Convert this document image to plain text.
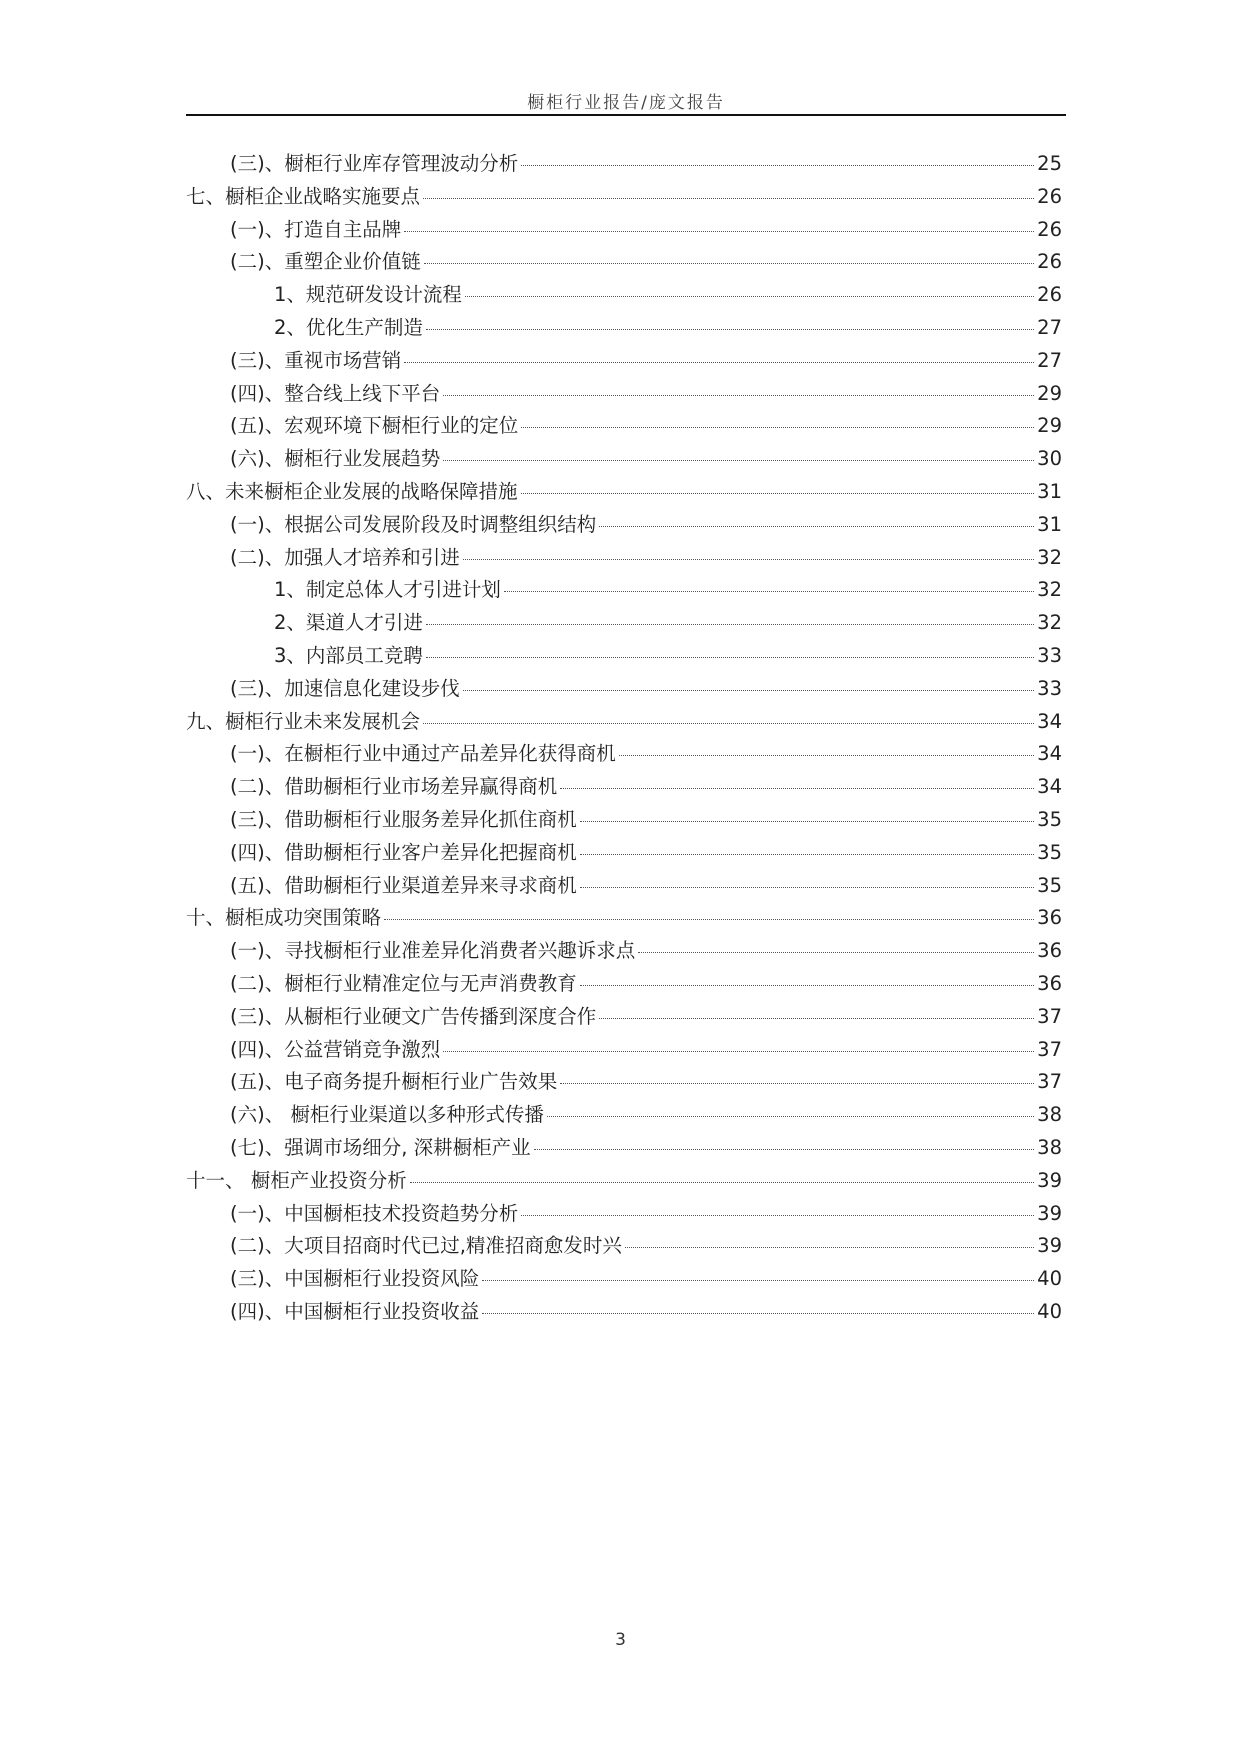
橱柜行业报告/庞文报告
(三)、橱柜行业库存管理波动分析	25
七、橱柜企业战略实施要点	26
(一)、打造自主品牌	26
(二)、重塑企业价值链	26
1、规范研发设计流程	26
2、优化生产制造	27
(三)、重视市场营销	27
(四)、整合线上线下平台	29
(五)、宏观环境下橱柜行业的定位	29
(六)、橱柜行业发展趋势	30
八、未来橱柜企业发展的战略保障措施	31
(一)、根据公司发展阶段及时调整组织结构	31
(二)、加强人才培养和引进	32
1、制定总体人才引进计划	32
2、渠道人才引进	32
3、内部员工竞聘	33
(三)、加速信息化建设步伐	33
九、橱柜行业未来发展机会	34
(一)、在橱柜行业中通过产品差异化获得商机	34
(二)、借助橱柜行业市场差异赢得商机	34
(三)、借助橱柜行业服务差异化抓住商机	35
(四)、借助橱柜行业客户差异化把握商机	35
(五)、借助橱柜行业渠道差异来寻求商机	35
十、橱柜成功突围策略	36
(一)、寻找橱柜行业准差异化消费者兴趣诉求点	36
(二)、橱柜行业精准定位与无声消费教育	36
(三)、从橱柜行业硬文广告传播到深度合作	37
(四)、公益营销竞争激烈	37
(五)、电子商务提升橱柜行业广告效果	37
(六)、 橱柜行业渠道以多种形式传播	38
(七)、强调市场细分, 深耕橱柜产业	38
十一、 橱柜产业投资分析	39
(一)、中国橱柜技术投资趋势分析	39
(二)、大项目招商时代已过,精准招商愈发时兴	39
(三)、中国橱柜行业投资风险	40
(四)、中国橱柜行业投资收益	40
3
